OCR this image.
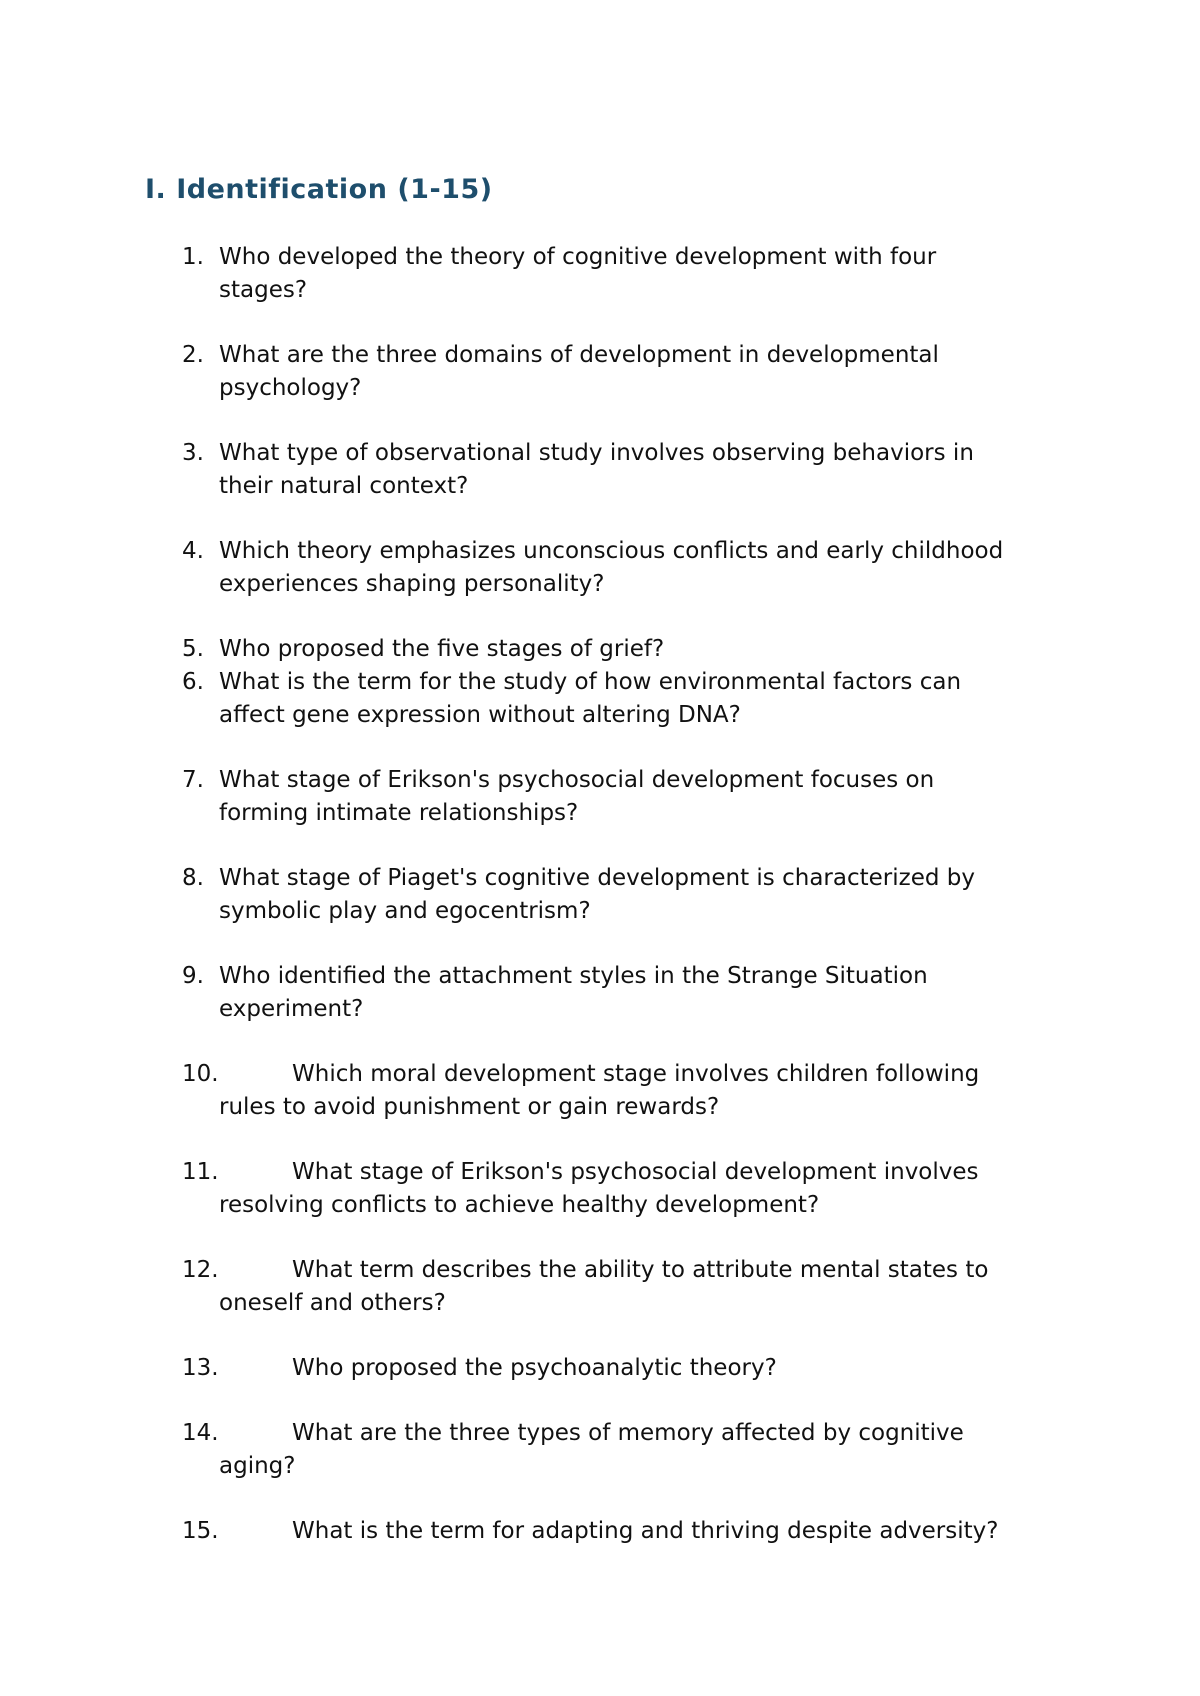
I. Identification (1-15)
1. Who developed the theory of cognitive development with four
stages?
2. What are the three domains of development in developmental
psychology?
3. What type of observational study involves observing behaviors in
their natural context?
4. Which theory emphasizes unconscious conflicts and early childhood
experiences shaping personality?
5. Who proposed the five stages of grief?
6. What is the term for the study of how environmental factors can
affect gene expression without altering DNA?
7. What stage of Erikson's psychosocial development focuses on
forming intimate relationships?
8. What stage of Piaget's cognitive development is characterized by
symbolic play and egocentrism?
9. Who identified the attachment styles in the Strange Situation
experiment?
10.	Which moral development stage involves children following
rules to avoid punishment or gain rewards?
11.	What stage of Erikson's psychosocial development involves
resolving conflicts to achieve healthy development?
12.	What term describes the ability to attribute mental states to
oneself and others?
13.	Who proposed the psychoanalytic theory?
14.	What are the three types of memory affected by cognitive
aging?
15.	What is the term for adapting and thriving despite adversity?
